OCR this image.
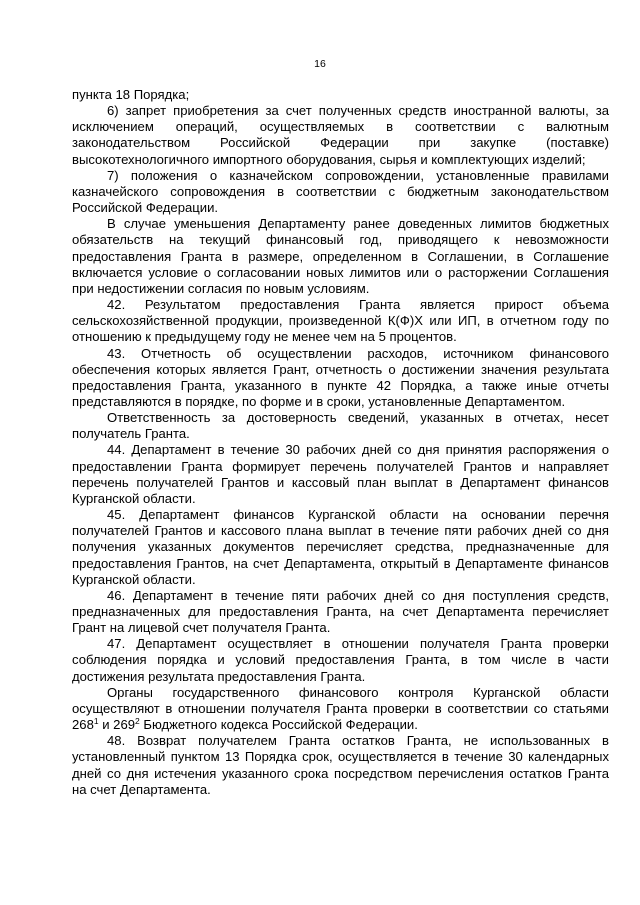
16

пункта 18 Порядка;

6) запрет приобретения за счет полученных средств иностранной валюты, за исключением операций, осуществляемых в соответствии с валютным законодательством Российской Федерации при закупке (поставке) высокотехнологичного импортного оборудования, сырья и комплектующих изделий;

7) положения о казначейском сопровождении, установленные правилами казначейского сопровождения в соответствии с бюджетным законодательством Российской Федерации.

В случае уменьшения Департаменту ранее доведенных лимитов бюджетных обязательств на текущий финансовый год, приводящего к невозможности предоставления Гранта в размере, определенном в Соглашении, в Соглашение включается условие о согласовании новых лимитов или о расторжении Соглашения при недостижении согласия по новым условиям.

42. Результатом предоставления Гранта является прирост объема сельскохозяйственной продукции, произведенной К(Ф)Х или ИП, в отчетном году по отношению к предыдущему году не менее чем на 5 процентов.

43. Отчетность об осуществлении расходов, источником финансового обеспечения которых является Грант, отчетность о достижении значения результата предоставления Гранта, указанного в пункте 42 Порядка, а также иные отчеты представляются в порядке, по форме и в сроки, установленные Департаментом.

Ответственность за достоверность сведений, указанных в отчетах, несет получатель Гранта.

44. Департамент в течение 30 рабочих дней со дня принятия распоряжения о предоставлении Гранта формирует перечень получателей Грантов и направляет перечень получателей Грантов и кассовый план выплат в Департамент финансов Курганской области.

45. Департамент финансов Курганской области на основании перечня получателей Грантов и кассового плана выплат в течение пяти рабочих дней со дня получения указанных документов перечисляет средства, предназначенные для предоставления Грантов, на счет Департамента, открытый в Департаменте финансов Курганской области.

46. Департамент в течение пяти рабочих дней со дня поступления средств, предназначенных для предоставления Гранта, на счет Департамента перечисляет Грант на лицевой счет получателя Гранта.

47. Департамент осуществляет в отношении получателя Гранта проверки соблюдения порядка и условий предоставления Гранта, в том числе в части достижения результата предоставления Гранта.

Органы государственного финансового контроля Курганской области осуществляют в отношении получателя Гранта проверки в соответствии со статьями $268^1$ и $269^2$ Бюджетного кодекса Российской Федерации.

48. Возврат получателем Гранта остатков Гранта, не использованных в установленный пунктом 13 Порядка срок, осуществляется в течение 30 календарных дней со дня истечения указанного срока посредством перечисления остатков Гранта на счет Департамента.
